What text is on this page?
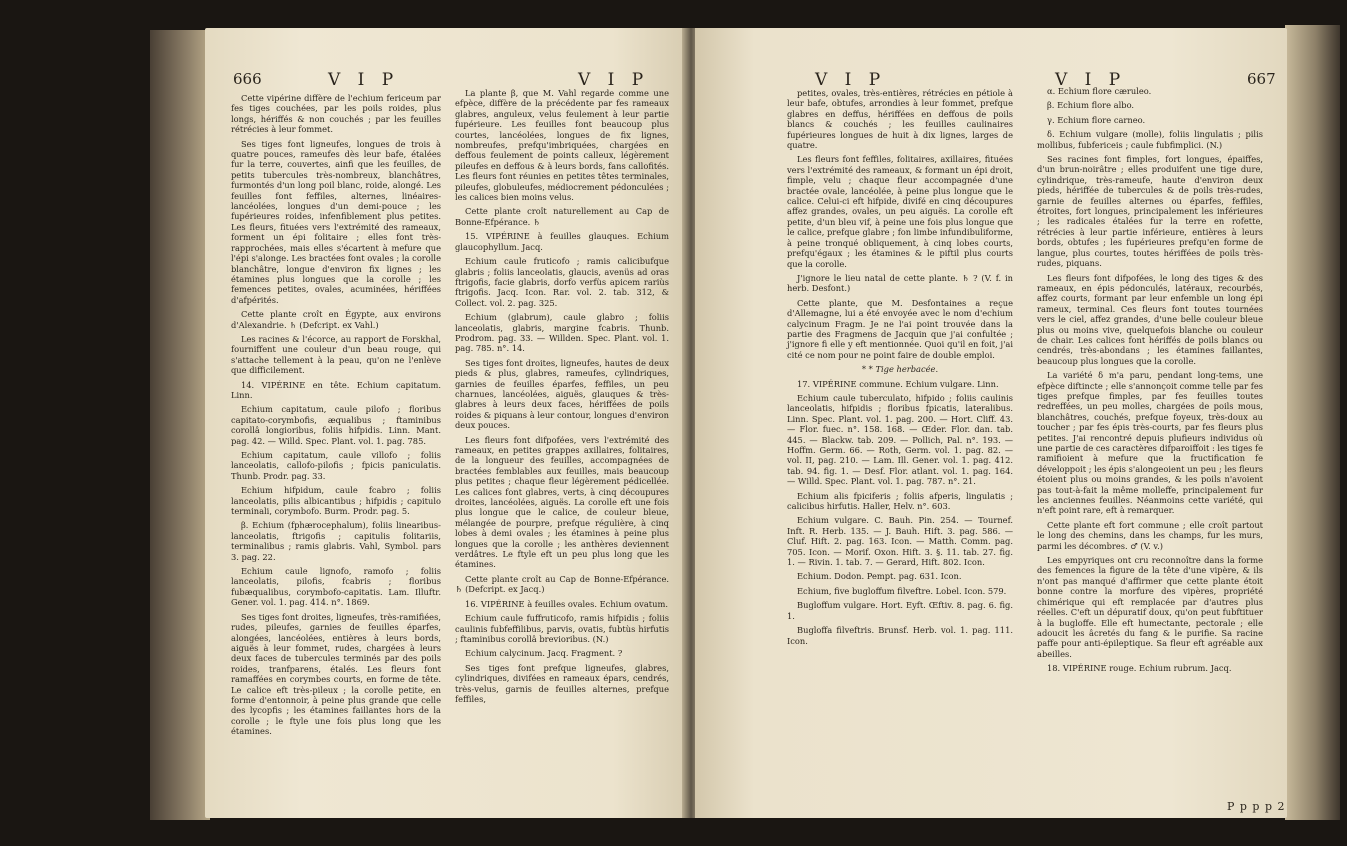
666	V I P	V I P

Cette vipérine diffère de l'echium fericeum par fes tiges couchées, par les poils roides, plus longs, hériffés & non couchés ; par les feuilles rétrécies à leur fommet.

Ses tiges font ligneufes, longues de trois à quatre pouces, rameufes dès leur bafe, étalées fur la terre, couvertes, ainfi que les feuilles, de petits tubercules très-nombreux, blanchâtres, furmontés d'un long poil blanc, roide, alongé. Les feuilles font feffiles, alternes, linéaires-lancéolées, longues d'un demi-pouce ; les fupérieures roides, infenfiblement plus petites. Les fleurs, fituées vers l'extrémité des rameaux, forment un épi folitaire ; elles font très-rapprochées, mais elles s'écartent à mefure que l'épi s'alonge. Les bractées font ovales ; la corolle blanchâtre, longue d'environ fix lignes ; les étamines plus longues que la corolle ; les femences petites, ovales, acuminées, hériffées d'afpérités.

Cette plante croît en Égypte, aux environs d'Alexandrie. ♄ (Defcript. ex Vahl.)

Les racines & l'écorce, au rapport de Forskhal, fourniffent une couleur d'un beau rouge, qui s'attache tellement à la peau, qu'on ne l'enlève que difficilement.

14. VIPÉRINE en tête. Echium capitatum. Linn.

Echium capitatum, caule pilofo ; floribus capitato-corymbofis, æqualibus ; ftaminibus corollâ longioribus, foliis hifpidis. Linn. Mant. pag. 42. — Willd. Spec. Plant. vol. 1. pag. 785.

Echium capitatum, caule villofo ; foliis lanceolatis, callofo-pilofis ; fpicis paniculatis. Thunb. Prodr. pag. 33.

Echium hifpidum, caule fcabro ; foliis lanceolatis, pilis albicantibus ; hifpidis ; capitulo terminali, corymbofo. Burm. Prodr. pag. 5.

β. Echium (fphærocephalum), foliis linearibus-lanceolatis, ftrigofis ; capitulis folitariis, terminalibus ; ramis glabris. Vahl, Symbol. pars 3. pag. 22.

Echium caule lignofo, ramofo ; foliis lanceolatis, pilofis, fcabris ; floribus fubæqualibus, corymbofo-capitatis. Lam. Illuftr. Gener. vol. 1. pag. 414. n°. 1869.

Ses tiges font droites, ligneufes, très-ramifiées, rudes, pileufes, garnies de feuilles éparfes, alongées, lancéolées, entières à leurs bords, aiguës à leur fommet, rudes, chargées à leurs deux faces de tubercules terminés par des poils roides, tranfparens, étalés. Les fleurs font ramaffées en corymbes courts, en forme de tête. Le calice eft très-pileux ; la corolle petite, en forme d'entonnoir, à peine plus grande que celle des lycopfis ; les étamines faillantes hors de la corolle ; le ftyle une fois plus long que les étamines.

La plante β, que M. Vahl regarde comme une efpèce, diffère de la précédente par fes rameaux glabres, anguleux, velus feulement à leur partie fupérieure. Les feuilles font beaucoup plus courtes, lancéolées, longues de fix lignes, nombreufes, prefqu'imbriquées, chargées en deffous feulement de points calleux, légèrement pileufes en deffous & à leurs bords, fans callofités. Les fleurs font réunies en petites têtes terminales, pileufes, globuleufes, médiocrement pédonculées ; les calices bien moins velus.

Cette plante croît naturellement au Cap de Bonne-Efpérance. ♄

15. VIPÉRINE à feuilles glauques. Echium glaucophyllum. Jacq.

Echium caule fruticofo ; ramis calicibufque glabris ; foliis lanceolatis, glaucis, avenüs ad oras ftrigofis, facie glabris, dorfo verfùs apicem rariùs ftrigofis. Jacq. Icon. Rar. vol. 2. tab. 312, & Collect. vol. 2. pag. 325.

Echium (glabrum), caule glabro ; foliis lanceolatis, glabris, margine fcabris. Thunb. Prodrom. pag. 33. — Willden. Spec. Plant. vol. 1. pag. 785. n°. 14.

Ses tiges font droites, ligneufes, hautes de deux pieds & plus, glabres, rameufes, cylindriques, garnies de feuilles éparfes, feffiles, un peu charnues, lancéolées, aiguës, glauques & très-glabres à leurs deux faces, hériffées de poils roides & piquans à leur contour, longues d'environ deux pouces.

Les fleurs font difpofées, vers l'extrémité des rameaux, en petites grappes axillaires, folitaires, de la longueur des feuilles, accompagnées de bractées femblables aux feuilles, mais beaucoup plus petites ; chaque fleur légèrement pédicellée. Les calices font glabres, verts, à cinq découpures droites, lancéolées, aiguës. La corolle eft une fois plus longue que le calice, de couleur bleue, mélangée de pourpre, prefque régulière, à cinq lobes à demi ovales ; les étamines à peine plus longues que la corolle ; les anthères deviennent verdâtres. Le ftyle eft un peu plus long que les étamines.

Cette plante croît au Cap de Bonne-Efpérance. ♄ (Defcript. ex Jacq.)

16. VIPÉRINE à feuilles ovales. Echium ovatum.

Echium caule fuffruticofo, ramis hifpidis ; foliis caulinis fubfeffilibus, parvis, ovatis, fubtùs hirfutis ; ftaminibus corollâ brevioribus. (N.)

Echium calycinum. Jacq. Fragment. ?

Ses tiges font prefque ligneufes, glabres, cylindriques, divifées en rameaux épars, cendrés, très-velus, garnis de feuilles alternes, prefque feffiles,

V I P	V I P	667

petites, ovales, très-entières, rétrécies en pétiole à leur bafe, obtufes, arrondies à leur fommet, prefque glabres en deffus, hériffées en deffous de poils blancs & couchés ; les feuilles caulinaires fupérieures longues de huit à dix lignes, larges de quatre.

Les fleurs font feffiles, folitaires, axillaires, fituées vers l'extrémité des rameaux, & formant un épi droit, fimple, velu ; chaque fleur accompagnée d'une bractée ovale, lancéolée, à peine plus longue que le calice. Celui-ci eft hifpide, divifé en cinq découpures affez grandes, ovales, un peu aiguës. La corolle eft petite, d'un bleu vif, à peine une fois plus longue que le calice, prefque glabre ; fon limbe infundibuliforme, à peine tronqué obliquement, à cinq lobes courts, prefqu'égaux ; les étamines & le piftil plus courts que la corolle.

J'ignore le lieu natal de cette plante. ♄ ? (V. f. in herb. Desfont.)

Cette plante, que M. Desfontaines a reçue d'Allemagne, lui a été envoyée avec le nom d'echium calycinum Fragm. Je ne l'ai point trouvée dans la partie des Fragmens de Jacquin que j'ai confultée ; j'ignore fi elle y eft mentionnée. Quoi qu'il en foit, j'ai cité ce nom pour ne point faire de double emploi.

* * Tige herbacée.

17. VIPÉRINE commune. Echium vulgare. Linn.

Echium caule tuberculato, hifpido ; foliis caulinis lanceolatis, hifpidis ; floribus fpicatis, lateralibus. Linn. Spec. Plant. vol. 1. pag. 200. — Hort. Cliff. 43. — Flor. fuec. n°. 158. 168. — Œder. Flor. dan. tab. 445. — Blackw. tab. 209. — Pollich, Pal. n°. 193. — Hoffm. Germ. 66. — Roth, Germ. vol. 1. pag. 82. — vol. II, pag. 210. — Lam. Ill. Gener. vol. 1. pag. 412. tab. 94. fig. 1. — Desf. Flor. atlant. vol. 1. pag. 164. — Willd. Spec. Plant. vol. 1. pag. 787. n°. 21.

Echium alis fpiciferis ; foliis afperis, lingulatis ; calicibus hirfutis. Haller, Helv. n°. 603.

Echium vulgare. C. Bauh. Pin. 254. — Tournef. Inft. R. Herb. 135. — J. Bauh. Hift. 3. pag. 586. — Cluf. Hift. 2. pag. 163. Icon. — Matth. Comm. pag. 705. Icon. — Morif. Oxon. Hift. 3. §. 11. tab. 27. fig. 1. — Rivin. 1. tab. 7. — Gerard, Hift. 802. Icon.

Echium. Dodon. Pempt. pag. 631. Icon.

Echium, five bugloffum filveftre. Lobel. Icon. 579.

Bugloffum vulgare. Hort. Eyft. Œftiv. 8. pag. 6. fig. 1.

Bugloffa filveftris. Brunsf. Herb. vol. 1. pag. 111. Icon.

α. Echium flore cæruleo.

β. Echium flore albo.

γ. Echium flore carneo.

δ. Echium vulgare (molle), foliis lingulatis ; pilis mollibus, fubfericeis ; caule fubfimplici. (N.)

Ses racines font fimples, fort longues, épaiffes, d'un brun-noirâtre ; elles produifent une tige dure, cylindrique, très-rameufe, haute d'environ deux pieds, hériffée de tubercules & de poils très-rudes, garnie de feuilles alternes ou éparfes, feffiles, étroites, fort longues, principalement les inférieures ; les radicales étalées fur la terre en rofette, rétrécies à leur partie inférieure, entières à leurs bords, obtufes ; les fupérieures prefqu'en forme de langue, plus courtes, toutes hériffées de poils très-rudes, piquans.

Les fleurs font difpofées, le long des tiges & des rameaux, en épis pédonculés, latéraux, recourbés, affez courts, formant par leur enfemble un long épi rameux, terminal. Ces fleurs font toutes tournées vers le ciel, affez grandes, d'une belle couleur bleue plus ou moins vive, quelquefois blanche ou couleur de chair. Les calices font hériffés de poils blancs ou cendrés, très-abondans ; les étamines faillantes, beaucoup plus longues que la corolle.

La variété δ m'a paru, pendant long-tems, une efpèce diftincte ; elle s'annonçoit comme telle par fes tiges prefque fimples, par fes feuilles toutes redreffées, un peu molles, chargées de poils mous, blanchâtres, couchés, prefque foyeux, très-doux au toucher ; par fes épis très-courts, par fes fleurs plus petites. J'ai rencontré depuis plufieurs individus où une partie de ces caractères difparoiffoit : les tiges fe ramifioient à mefure que la fructification fe développoit ; les épis s'alongeoient un peu ; les fleurs étoient plus ou moins grandes, & les poils n'avoient pas tout-à-fait la même molleffe, principalement fur les anciennes feuilles. Néanmoins cette variété, qui n'eft point rare, eft à remarquer.

Cette plante eft fort commune ; elle croît partout le long des chemins, dans les champs, fur les murs, parmi les décombres. ♂ (V. v.)

Les empyriques ont cru reconnoître dans la forme des femences la figure de la tête d'une vipère, & ils n'ont pas manqué d'affirmer que cette plante étoit bonne contre la morfure des vipères, propriété chimérique qui eft remplacée par d'autres plus réelles. C'eft un dépuratif doux, qu'on peut fubftituer à la bugloffe. Elle eft humectante, pectorale ; elle adoucit les âcretés du fang & le purifie. Sa racine paffe pour anti-épileptique. Sa fleur eft agréable aux abeilles.

18. VIPÉRINE rouge. Echium rubrum. Jacq.

P p p p 2
